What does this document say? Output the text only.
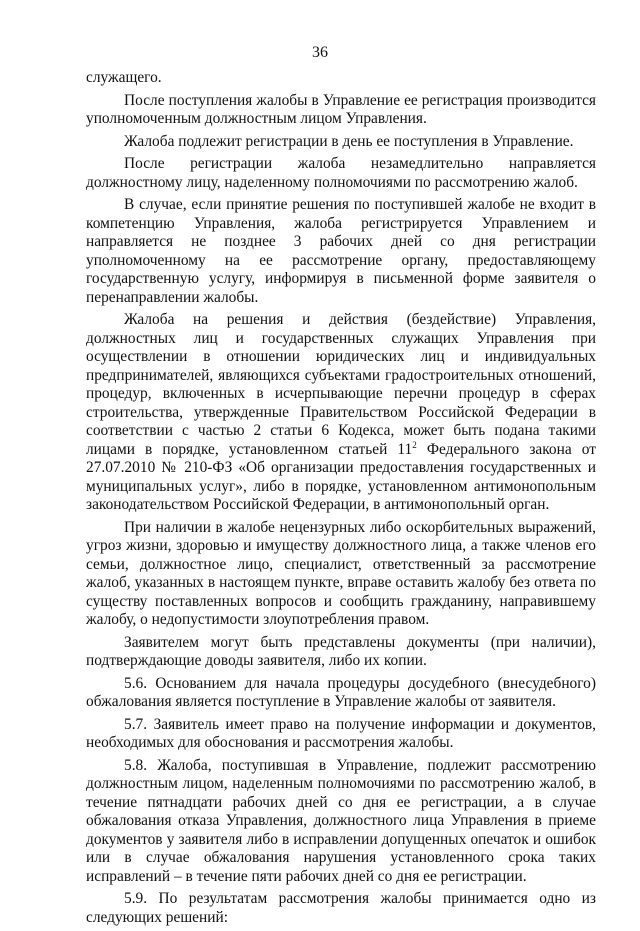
36

служащего.

После поступления жалобы в Управление ее регистрация производится уполномоченным должностным лицом Управления.

Жалоба подлежит регистрации в день ее поступления в Управление.

После регистрации жалоба незамедлительно направляется должностному лицу, наделенному полномочиями по рассмотрению жалоб.

В случае, если принятие решения по поступившей жалобе не входит в компетенцию Управления, жалоба регистрируется Управлением и направляется не позднее 3 рабочих дней со дня регистрации уполномоченному на ее рассмотрение органу, предоставляющему государственную услугу, информируя в письменной форме заявителя о перенаправлении жалобы.

Жалоба на решения и действия (бездействие) Управления, должностных лиц и государственных служащих Управления при осуществлении в отношении юридических лиц и индивидуальных предпринимателей, являющихся субъектами градостроительных отношений, процедур, включенных в исчерпывающие перечни процедур в сферах строительства, утвержденные Правительством Российской Федерации в соответствии с частью 2 статьи 6 Кодекса, может быть подана такими лицами в порядке, установленном статьей $11^2$ Федерального закона от 27.07.2010 № 210-ФЗ «Об организации предоставления государственных и муниципальных услуг», либо в порядке, установленном антимонопольным законодательством Российской Федерации, в антимонопольный орган.

При наличии в жалобе нецензурных либо оскорбительных выражений, угроз жизни, здоровью и имуществу должностного лица, а также членов его семьи, должностное лицо, специалист, ответственный за рассмотрение жалоб, указанных в настоящем пункте, вправе оставить жалобу без ответа по существу поставленных вопросов и сообщить гражданину, направившему жалобу, о недопустимости злоупотребления правом.

Заявителем могут быть представлены документы (при наличии), подтверждающие доводы заявителя, либо их копии.

5.6. Основанием для начала процедуры досудебного (внесудебного) обжалования является поступление в Управление жалобы от заявителя.

5.7. Заявитель имеет право на получение информации и документов, необходимых для обоснования и рассмотрения жалобы.

5.8. Жалоба, поступившая в Управление, подлежит рассмотрению должностным лицом, наделенным полномочиями по рассмотрению жалоб, в течение пятнадцати рабочих дней со дня ее регистрации, а в случае обжалования отказа Управления, должностного лица Управления в приеме документов у заявителя либо в исправлении допущенных опечаток и ошибок или в случае обжалования нарушения установленного срока таких исправлений – в течение пяти рабочих дней со дня ее регистрации.

5.9. По результатам рассмотрения жалобы принимается одно из следующих решений:
